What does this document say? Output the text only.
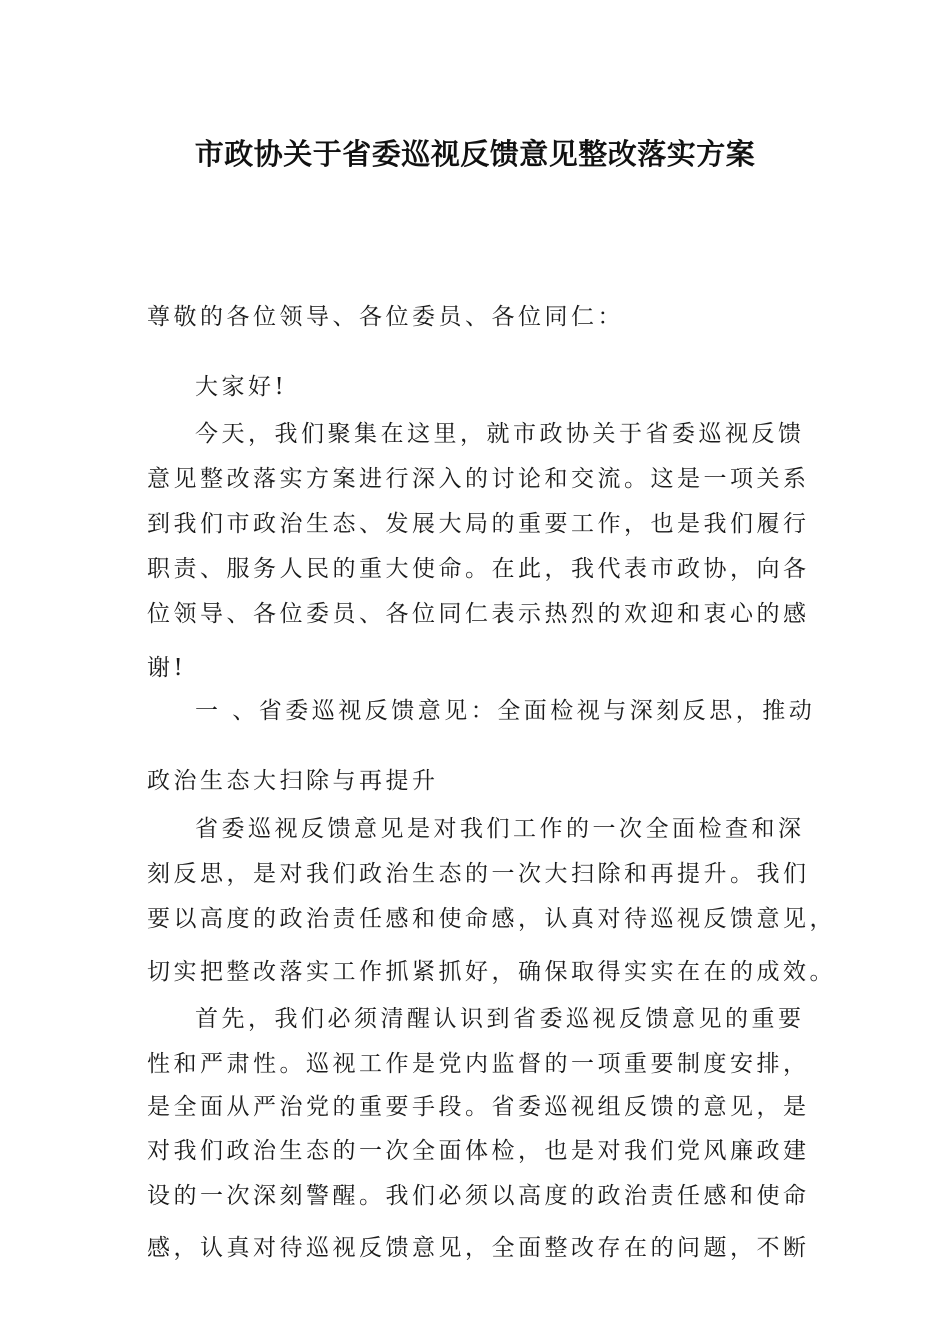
市政协关于省委巡视反馈意见整改落实方案
尊敬的各位领导、各位委员、各位同仁：
大家好!
今天，我们聚集在这里，就市政协关于省委巡视反馈
意见整改落实方案进行深入的讨论和交流。这是一项关系
到我们市政治生态、发展大局的重要工作，也是我们履行
职责、服务人民的重大使命。在此，我代表市政协，向各
位领导、各位委员、各位同仁表示热烈的欢迎和衷心的感
谢!
一 、省委巡视反馈意见：全面检视与深刻反思，推动
政治生态大扫除与再提升
省委巡视反馈意见是对我们工作的一次全面检查和深
刻反思，是对我们政治生态的一次大扫除和再提升。我们
要以高度的政治责任感和使命感，认真对待巡视反馈意见，
切实把整改落实工作抓紧抓好，确保取得实实在在的成效。
首先，我们必须清醒认识到省委巡视反馈意见的重要
性和严肃性。巡视工作是党内监督的一项重要制度安排，
是全面从严治党的重要手段。省委巡视组反馈的意见，是
对我们政治生态的一次全面体检，也是对我们党风廉政建
设的一次深刻警醒。我们必须以高度的政治责任感和使命
感，认真对待巡视反馈意见，全面整改存在的问题，不断
